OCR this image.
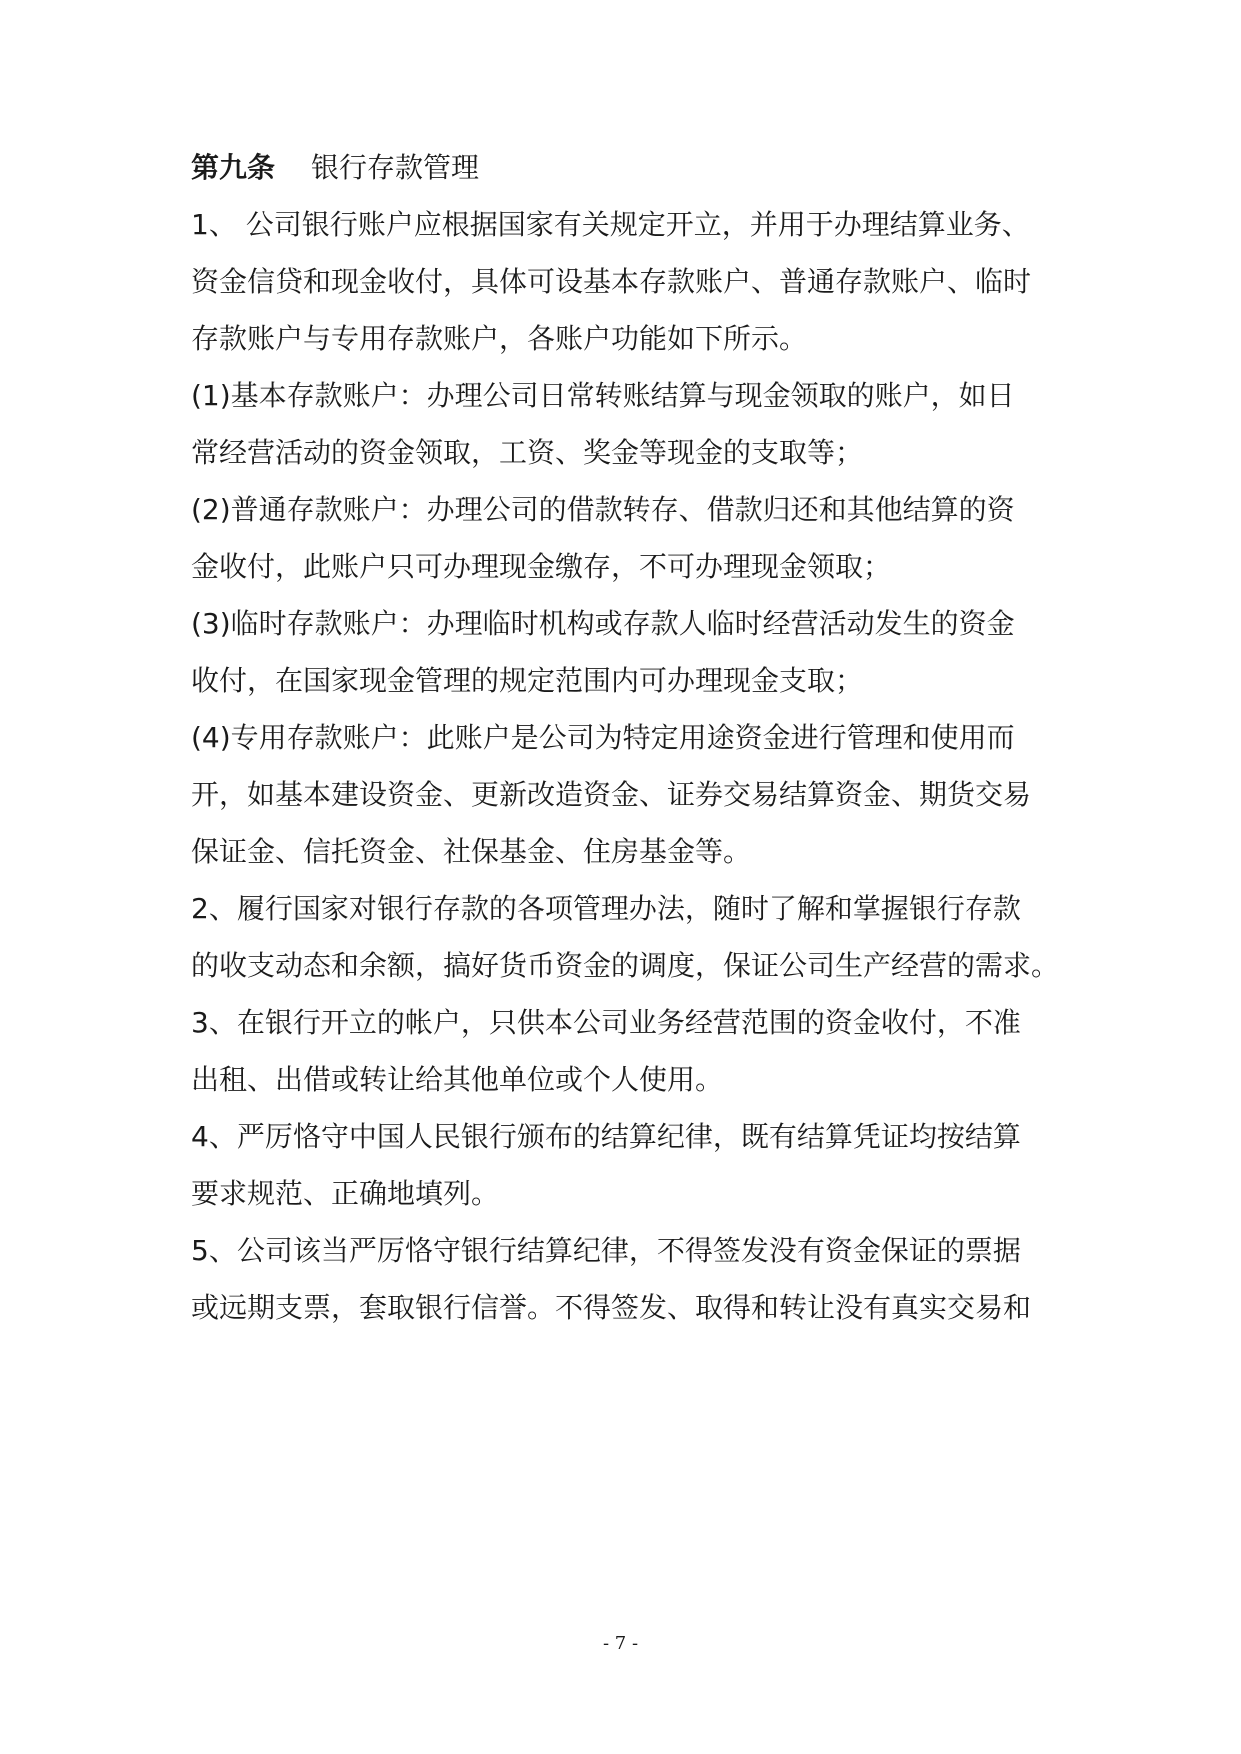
第九条 银行存款管理
1、 公司银行账户应根据国家有关规定开立，并用于办理结算业务、
资金信贷和现金收付，具体可设基本存款账户、普通存款账户、临时
存款账户与专用存款账户，各账户功能如下所示。
(1)基本存款账户：办理公司日常转账结算与现金领取的账户，如日
常经营活动的资金领取，工资、奖金等现金的支取等；
(2)普通存款账户：办理公司的借款转存、借款归还和其他结算的资
金收付，此账户只可办理现金缴存，不可办理现金领取；
(3)临时存款账户：办理临时机构或存款人临时经营活动发生的资金
收付，在国家现金管理的规定范围内可办理现金支取；
(4)专用存款账户：此账户是公司为特定用途资金进行管理和使用而
开，如基本建设资金、更新改造资金、证券交易结算资金、期货交易
保证金、信托资金、社保基金、住房基金等。
2、履行国家对银行存款的各项管理办法，随时了解和掌握银行存款
的收支动态和余额，搞好货币资金的调度，保证公司生产经营的需求。
3、在银行开立的帐户，只供本公司业务经营范围的资金收付，不准
出租、出借或转让给其他单位或个人使用。
4、严厉恪守中国人民银行颁布的结算纪律，既有结算凭证均按结算
要求规范、正确地填列。
5、公司该当严厉恪守银行结算纪律，不得签发没有资金保证的票据
或远期支票，套取银行信誉。不得签发、取得和转让没有真实交易和
- 7 -
